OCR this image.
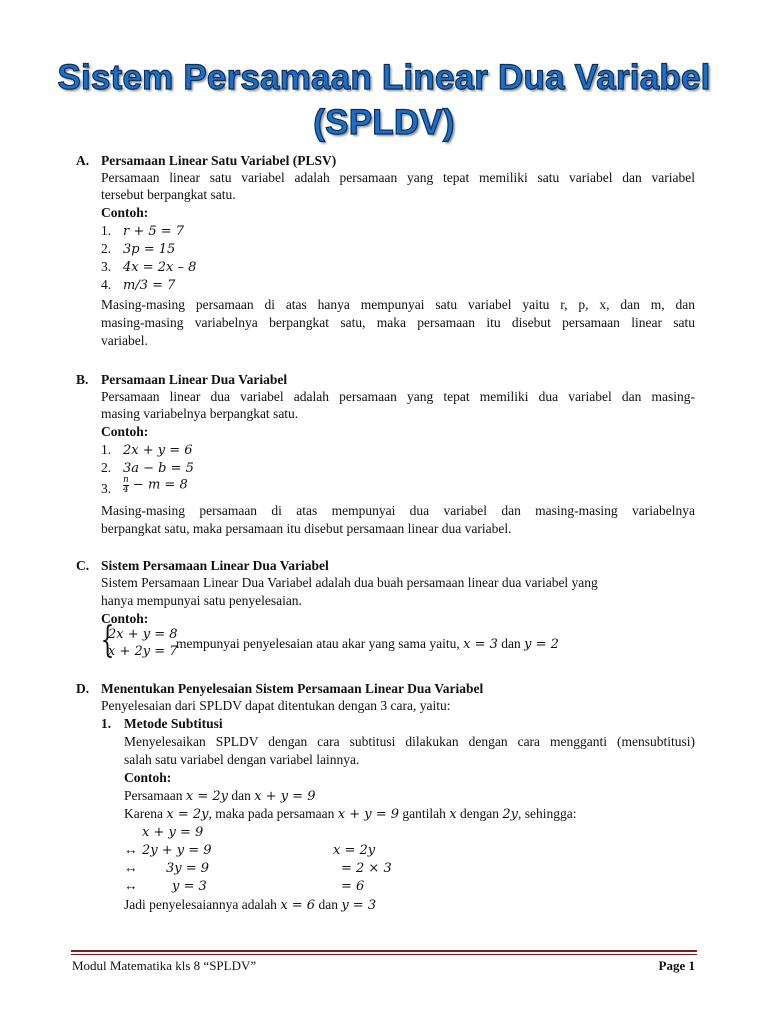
Sistem Persamaan Linear Dua Variabel
(SPLDV)
A. Persamaan Linear Satu Variabel (PLSV)
Persamaan linear satu variabel adalah persamaan yang tepat memiliki satu variabel dan variabel
tersebut berpangkat satu.
Contoh:
1. r + 5 = 7
2. 3p = 15
3. 4x = 2x – 8
4. m/3 = 7
Masing-masing persamaan di atas hanya mempunyai satu variabel yaitu r, p, x, dan m, dan
masing-masing variabelnya berpangkat satu, maka persamaan itu disebut persamaan linear satu
variabel.
B. Persamaan Linear Dua Variabel
Persamaan linear dua variabel adalah persamaan yang tepat memiliki dua variabel dan masing-
masing variabelnya berpangkat satu.
Contoh:
1. 2x + y = 6
2. 3a − b = 5
3. $\frac{n}{4} - m = 8$
Masing-masing persamaan di atas mempunyai dua variabel dan masing-masing variabelnya
berpangkat satu, maka persamaan itu disebut persamaan linear dua variabel.
C. Sistem Persamaan Linear Dua Variabel
Sistem Persamaan Linear Dua Variabel adalah dua buah persamaan linear dua variabel yang
hanya mempunyai satu penyelesaian.
Contoh:
{
2x + y = 8
x + 2y = 7
mempunyai penyelesaian atau akar yang sama yaitu, x = 3 dan y = 2
D. Menentukan Penyelesaian Sistem Persamaan Linear Dua Variabel
Penyelesaian dari SPLDV dapat ditentukan dengan 3 cara, yaitu:
1. Metode Subtitusi
Menyelesaikan SPLDV dengan cara subtitusi dilakukan dengan cara mengganti (mensubtitusi)
salah satu variabel dengan variabel lainnya.
Contoh:
Persamaan x = 2y dan x + y = 9
Karena x = 2y, maka pada persamaan x + y = 9 gantilah x dengan 2y, sehingga:
x + y = 9
↔ 2y + y = 9
↔ 3y = 9
↔	y = 3
x = 2y
= 2 × 3
= 6
Jadi penyelesaiannya adalah x = 6 dan y = 3
Modul Matematika kls 8 “SPLDV”	Page 1
